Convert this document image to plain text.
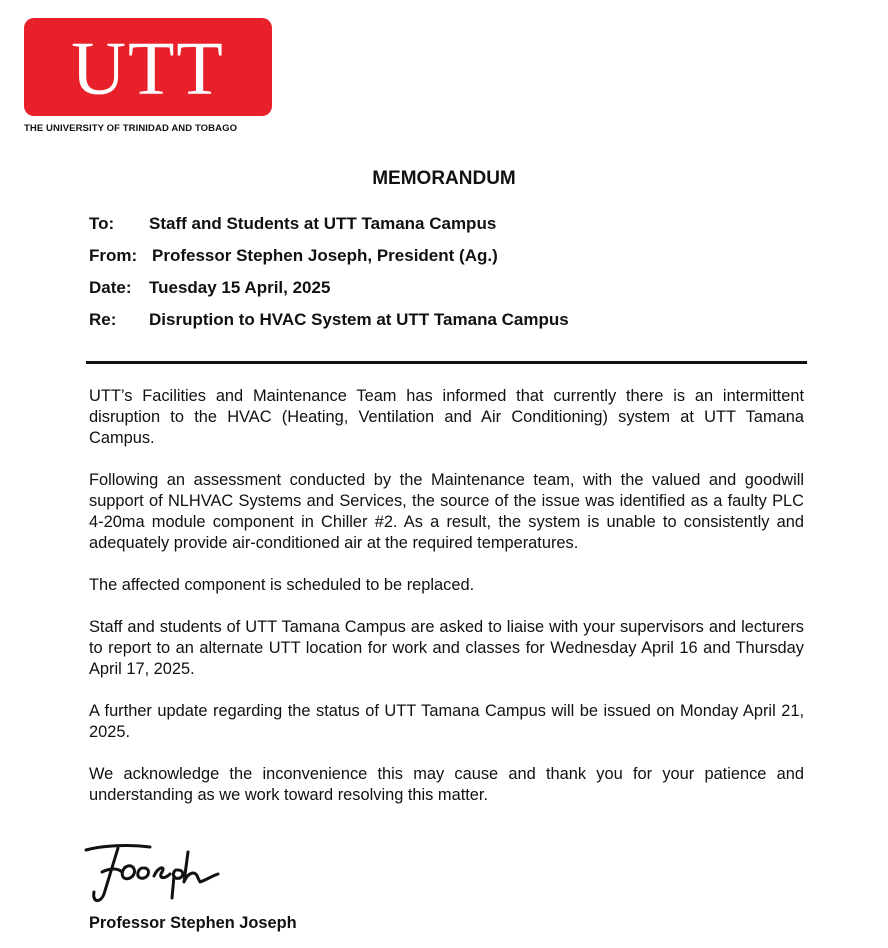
UTT
THE UNIVERSITY OF TRINIDAD AND TOBAGO
MEMORANDUM
To:	Staff and Students at UTT Tamana Campus
From: Professor Stephen Joseph, President (Ag.)
Date:	Tuesday 15 April, 2025
Re:	Disruption to HVAC System at UTT Tamana Campus

UTT’s Facilities and Maintenance Team has informed that currently there is an intermittent disruption to the HVAC (Heating, Ventilation and Air Conditioning) system at UTT Tamana Campus.

Following an assessment conducted by the Maintenance team, with the valued and goodwill support of NLHVAC Systems and Services, the source of the issue was identified as a faulty PLC 4-20ma module component in Chiller #2. As a result, the system is unable to consistently and adequately provide air-conditioned air at the required temperatures.

The affected component is scheduled to be replaced.

Staff and students of UTT Tamana Campus are asked to liaise with your supervisors and lecturers to report to an alternate UTT location for work and classes for Wednesday April 16 and Thursday April 17, 2025.

A further update regarding the status of UTT Tamana Campus will be issued on Monday April 21, 2025.

We acknowledge the inconvenience this may cause and thank you for your patience and understanding as we work toward resolving this matter.

Professor Stephen Joseph
